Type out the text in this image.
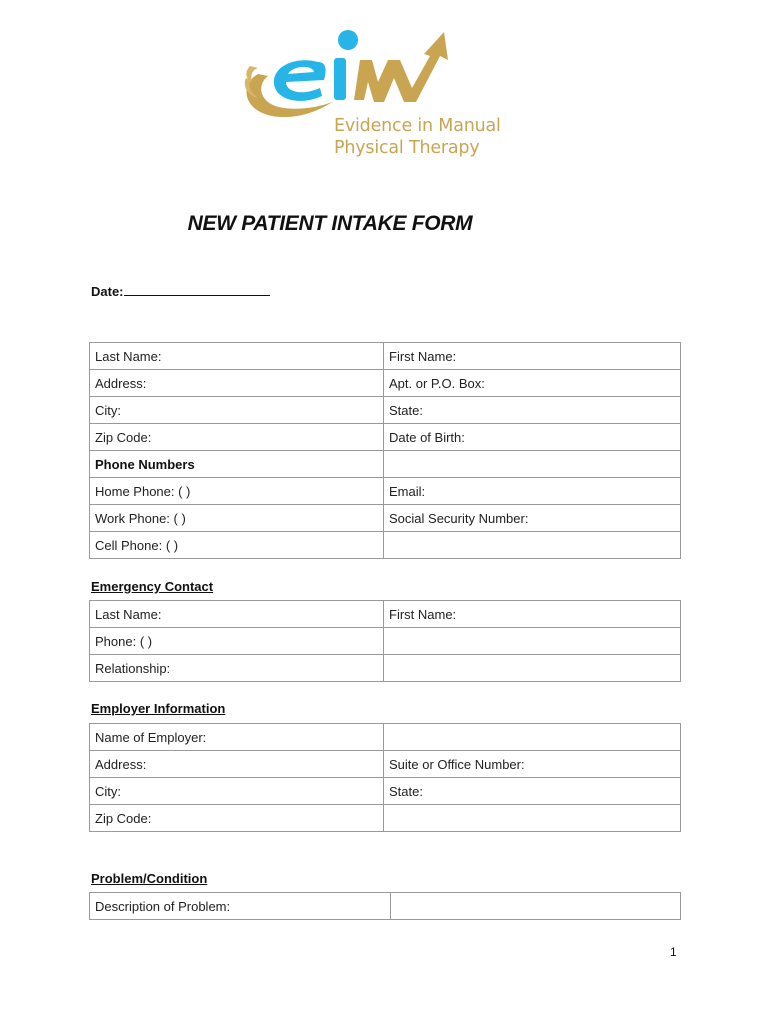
Evidence in Manual
Physical Therapy
NEW PATIENT INTAKE FORM
Date:
Last Name:	First Name:
Address:	Apt. or P.O. Box:
City:	State:
Zip Code:	Date of Birth:
Phone Numbers	
Home Phone: ( )	Email:
Work Phone: ( )	Social Security Number:
Cell Phone: ( )	
Emergency Contact
Last Name:	First Name:
Phone: ( )	
Relationship:	
Employer Information
Name of Employer:	
Address:	Suite or Office Number:
City:	State:
Zip Code:	
Problem/Condition
Description of Problem:	
1
